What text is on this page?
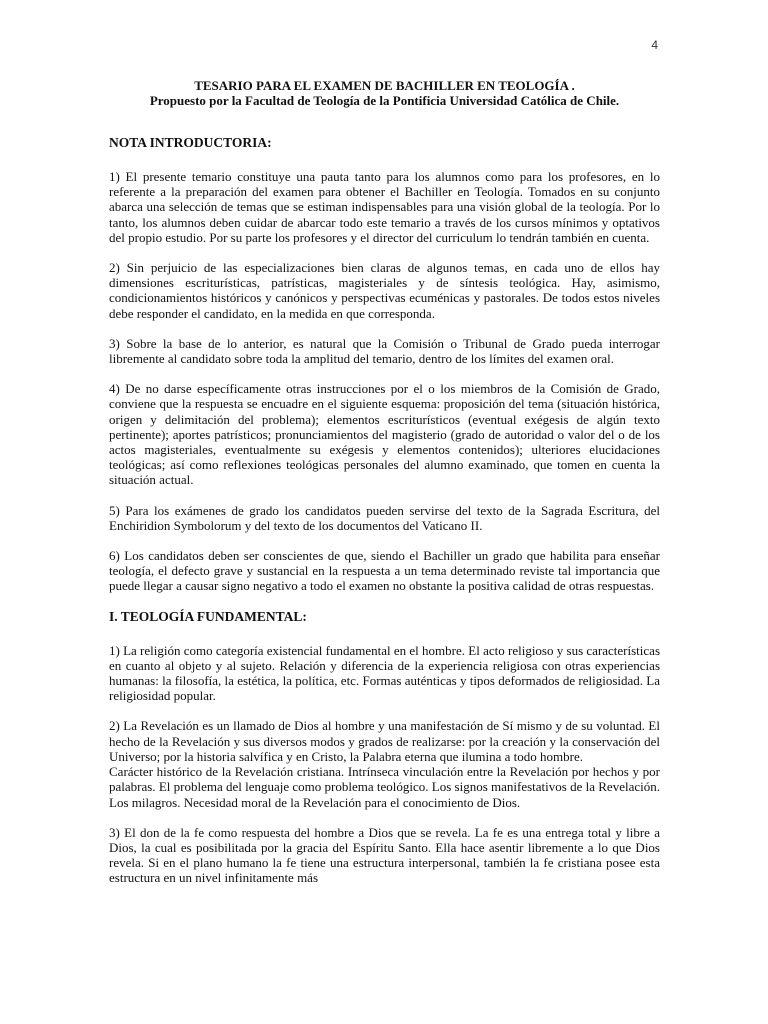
4
TESARIO PARA EL EXAMEN DE BACHILLER EN TEOLOGÍA .
Propuesto por la Facultad de Teología de la Pontificia Universidad Católica de Chile.
NOTA INTRODUCTORIA:

1) El presente temario constituye una pauta tanto para los alumnos como para los profesores, en lo referente a la preparación del examen para obtener el Bachiller en Teología. Tomados en su conjunto abarca una selección de temas que se estiman indispensables para una visión global de la teología. Por lo tanto, los alumnos deben cuidar de abarcar todo este temario a través de los cursos mínimos y optativos del propio estudio. Por su parte los profesores y el director del curriculum lo tendrán también en cuenta.

2) Sin perjuicio de las especializaciones bien claras de algunos temas, en cada uno de ellos hay dimensiones escriturísticas, patrísticas, magisteriales y de síntesis teológica. Hay, asimismo, condicionamientos históricos y canónicos y perspectivas ecuménicas y pastorales. De todos estos niveles debe responder el candidato, en la medida en que corresponda.

3) Sobre la base de lo anterior, es natural que la Comisión o Tribunal de Grado pueda interrogar libremente al candidato sobre toda la amplitud del temario, dentro de los límites del examen oral.

4) De no darse específicamente otras instrucciones por el o los miembros de la Comisión de Grado, conviene que la respuesta se encuadre en el siguiente esquema: proposición del tema (situación histórica, origen y delimitación del problema); elementos escriturísticos (eventual exégesis de algún texto pertinente); aportes patrísticos; pronunciamientos del magisterio (grado de autoridad o valor del o de los actos magisteriales, eventualmente su exégesis y elementos contenidos); ulteriores elucidaciones teológicas; así como reflexiones teológicas personales del alumno examinado, que tomen en cuenta la situación actual.

5) Para los exámenes de grado los candidatos pueden servirse del texto de la Sagrada Escritura, del Enchiridion Symbolorum y del texto de los documentos del Vaticano II.

6) Los candidatos deben ser conscientes de que, siendo el Bachiller un grado que habilita para enseñar teología, el defecto grave y sustancial en la respuesta a un tema determinado reviste tal importancia que puede llegar a causar signo negativo a todo el examen no obstante la positiva calidad de otras respuestas.

I. TEOLOGÍA FUNDAMENTAL:

1) La religión como categoría existencial fundamental en el hombre. El acto religioso y sus características en cuanto al objeto y al sujeto. Relación y diferencia de la experiencia religiosa con otras experiencias humanas: la filosofía, la estética, la política, etc. Formas auténticas y tipos deformados de religiosidad. La religiosidad popular.

2) La Revelación es un llamado de Dios al hombre y una manifestación de Sí mismo y de su voluntad. El hecho de la Revelación y sus diversos modos y grados de realizarse: por la creación y la conservación del Universo; por la historia salvífica y en Cristo, la Palabra eterna que ilumina a todo hombre.

Carácter histórico de la Revelación cristiana. Intrínseca vinculación entre la Revelación por hechos y por palabras. El problema del lenguaje como problema teológico. Los signos manifestativos de la Revelación. Los milagros. Necesidad moral de la Revelación para el conocimiento de Dios.

3) El don de la fe como respuesta del hombre a Dios que se revela. La fe es una entrega total y libre a Dios, la cual es posibilitada por la gracia del Espíritu Santo. Ella hace asentir libremente a lo que Dios revela. Si en el plano humano la fe tiene una estructura interpersonal, también la fe cristiana posee esta estructura en un nivel infinitamente más
